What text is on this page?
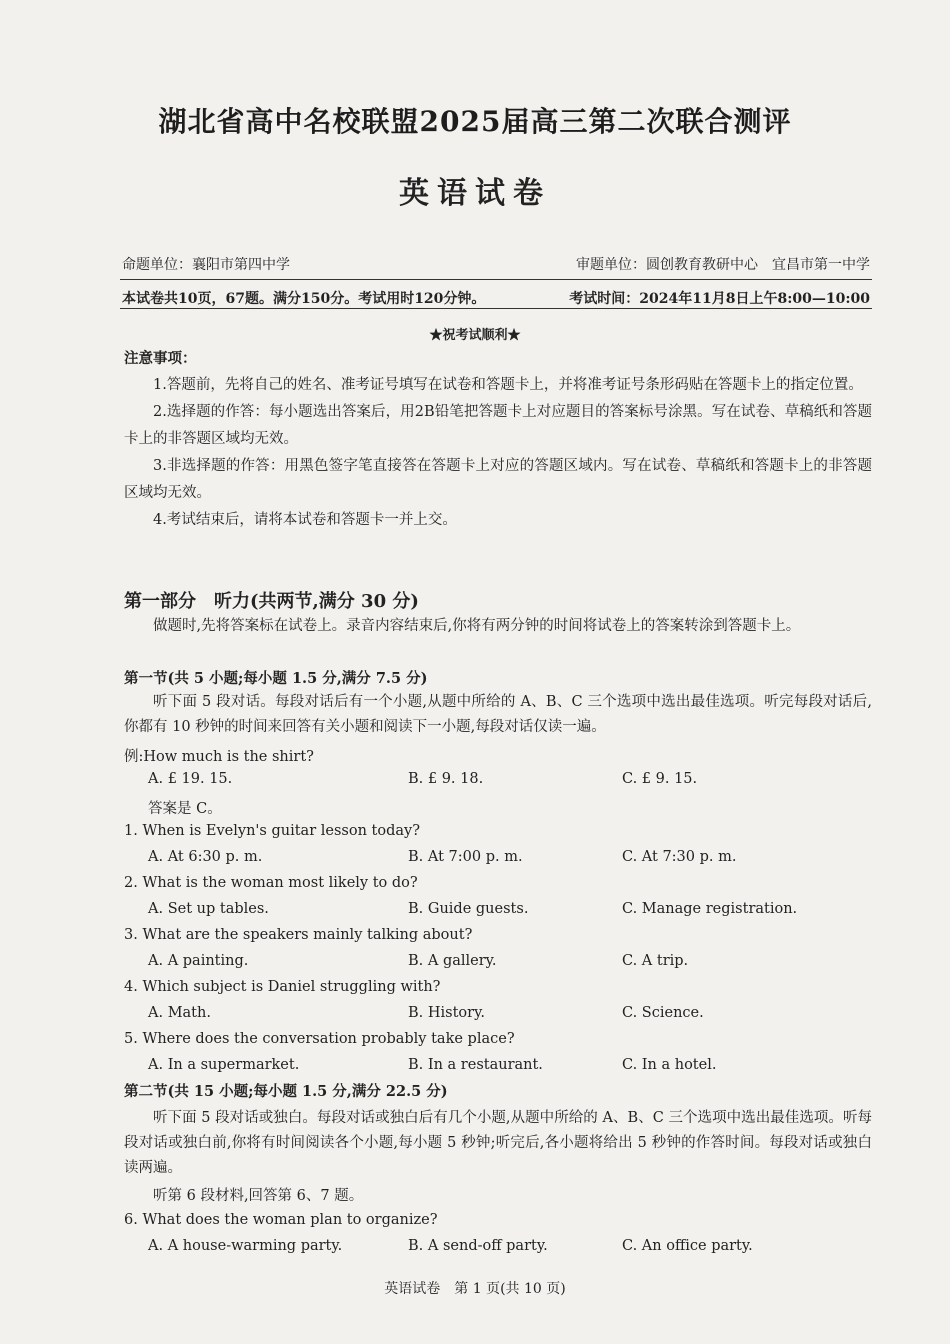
湖北省高中名校联盟2025届高三第二次联合测评
英语试卷
命题单位：襄阳市第四中学	审题单位：圆创教育教研中心　宜昌市第一中学
本试卷共10页，67题。满分150分。考试用时120分钟。	考试时间：2024年11月8日上午8:00—10:00
★祝考试顺利★
注意事项：

1.答题前，先将自己的姓名、准考证号填写在试卷和答题卡上，并将准考证号条形码贴在答题卡上的指定位置。

2.选择题的作答：每小题选出答案后，用2B铅笔把答题卡上对应题目的答案标号涂黑。写在试卷、草稿纸和答题卡上的非答题区域均无效。

3.非选择题的作答：用黑色签字笔直接答在答题卡上对应的答题区域内。写在试卷、草稿纸和答题卡上的非答题区域均无效。

4.考试结束后，请将本试卷和答题卡一并上交。

第一部分　听力(共两节,满分 30 分)
做题时,先将答案标在试卷上。录音内容结束后,你将有两分钟的时间将试卷上的答案转涂到答题卡上。
第一节(共 5 小题;每小题 1.5 分,满分 7.5 分)
听下面 5 段对话。每段对话后有一个小题,从题中所给的 A、B、C 三个选项中选出最佳选项。听完每段对话后,你都有 10 秒钟的时间来回答有关小题和阅读下一小题,每段对话仅读一遍。
例:How much is the shirt?
A. £ 19. 15.	B. £ 9. 18.	C. £ 9. 15.
答案是 C。
1. When is Evelyn's guitar lesson today?
A. At 6:30 p. m.	B. At 7:00 p. m.	C. At 7:30 p. m.
2. What is the woman most likely to do?
A. Set up tables.	B. Guide guests.	C. Manage registration.
3. What are the speakers mainly talking about?
A. A painting.	B. A gallery.	C. A trip.
4. Which subject is Daniel struggling with?
A. Math.	B. History.	C. Science.
5. Where does the conversation probably take place?
A. In a supermarket.	B. In a restaurant.	C. In a hotel.
第二节(共 15 小题;每小题 1.5 分,满分 22.5 分)
听下面 5 段对话或独白。每段对话或独白后有几个小题,从题中所给的 A、B、C 三个选项中选出最佳选项。听每段对话或独白前,你将有时间阅读各个小题,每小题 5 秒钟;听完后,各小题将给出 5 秒钟的作答时间。每段对话或独白读两遍。
听第 6 段材料,回答第 6、7 题。
6. What does the woman plan to organize?
A. A house-warming party.	B. A send-off party.	C. An office party.
英语试卷　第 1 页(共 10 页)
